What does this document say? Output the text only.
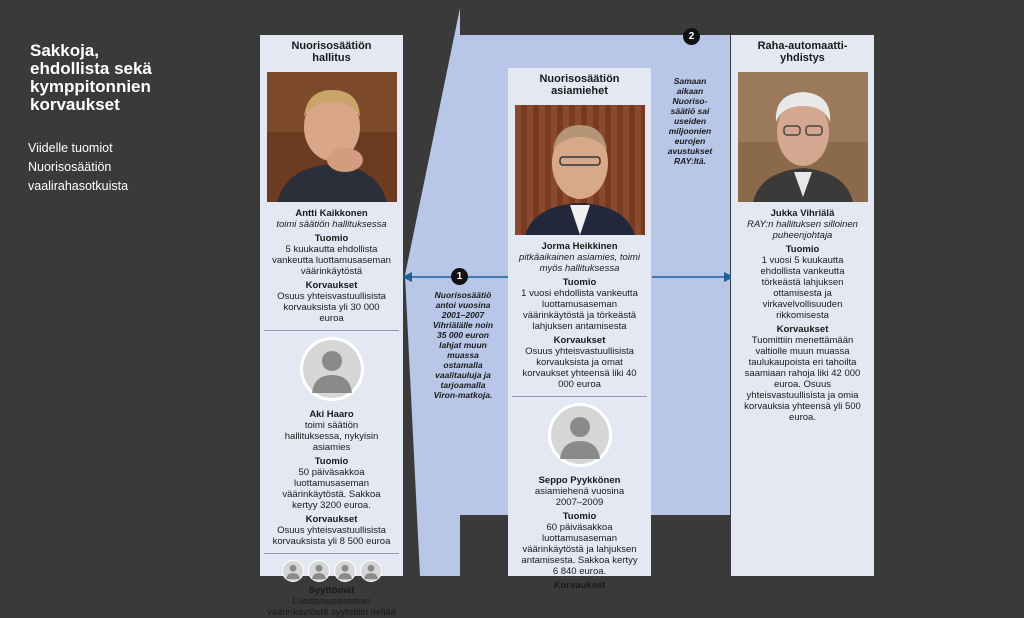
Sakkoja,
ehdollista sekä
kymppitonnien
korvaukset
Viidelle tuomiot
Nuorisosäätiön
vaalirahasotkuista
Nuorisosäätiön
hallitus
Antti Kaikkonen
toimi säätiön hallituksessa
Tuomio
5 kuukautta ehdollista vankeutta luottamusaseman väärinkäytöstä
Korvaukset
Osuus yhteisvastuullisista korvauksista yli 30 000 euroa
Aki Haaro
toimi säätiön hallituksessa, nykyisin asiamies
Tuomio
50 päiväsakkoa luottamusaseman väärinkäytöstä. Sakkoa kertyy 3200 euroa.
Korvaukset
Osuus yhteisvastuullisista korvauksista yli 8 500 euroa
Syyttömät
Luottamusaseman väärinkäytöstä syytettiin neljää
Nuorisosäätiön
asiamiehet
Jorma Heikkinen
pitkäaikainen asiamies, toimi myös hallituksessa
Tuomio
1 vuosi ehdollista vankeutta luottamusaseman väärinkäytöstä ja törkeästä lahjuksen antamisesta
Korvaukset
Osuus yhteisvastuullisista korvauksista ja omat korvaukset yhteensä liki 40 000 euroa
Seppo Pyykkönen
asiamiehenä vuosina 2007–2009
Tuomio
60 päiväsakkoa luottamusaseman väärinkäytöstä ja lahjuksen antamisesta. Sakkoa kertyy 6 840 euroa.
Korvaukset
Raha-automaatti-
yhdistys
Jukka Vihriälä
RAY:n hallituksen silloinen puheenjohtaja
Tuomio
1 vuosi 5 kuukautta ehdollista vankeutta törkeästä lahjuksen ottamisesta ja virkavelvollisuuden rikkomisesta
Korvaukset
Tuomittiin menettämään valtiolle muun muassa taulukaupoista eri tahoilta saamiaan rahoja liki 42 000 euroa. Osuus yhteisvastuullisista ja omia korvauksia yhteensä yli 500 euroa.
1
Nuorisosäätiö antoi vuosina 2001–2007 Vihriälälle noin 35 000 euron lahjat muun muassa ostamalla vaalitauluja ja tarjoamalla Viron-matkoja.
2
Samaan aikaan Nuoriso-säätiö sai useiden miljoonien eurojen avustukset RAY:ltä.
